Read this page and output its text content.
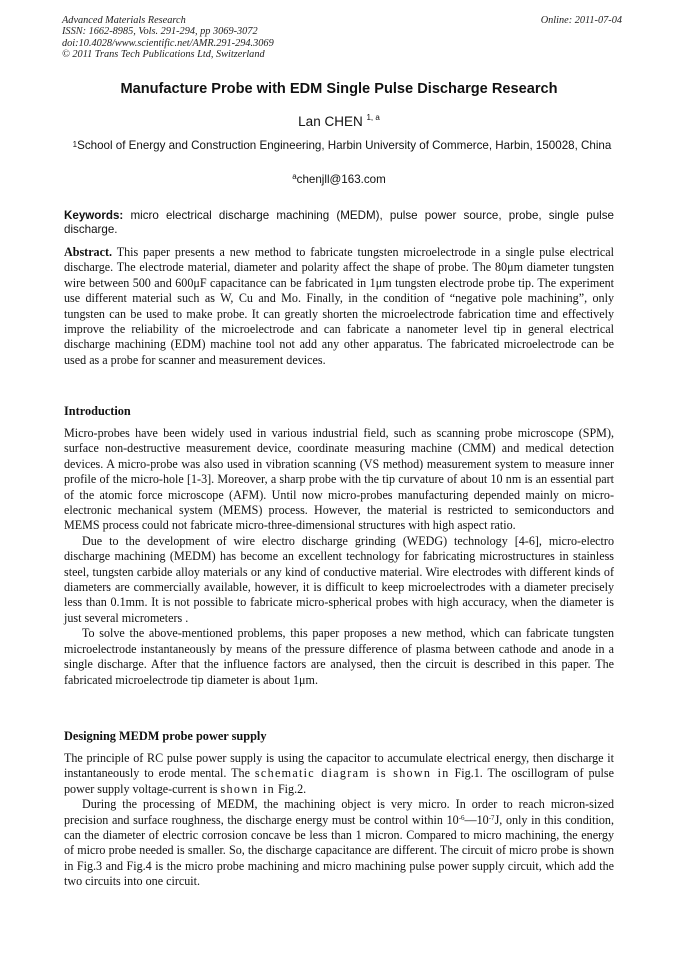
Advanced Materials Research
ISSN: 1662-8985, Vols. 291-294, pp 3069-3072
doi:10.4028/www.scientific.net/AMR.291-294.3069
© 2011 Trans Tech Publications Ltd, Switzerland
Online: 2011-07-04
Manufacture Probe with EDM Single Pulse Discharge Research
Lan CHEN $^{1, a}$
$^1$School of Energy and Construction Engineering, Harbin University of Commerce, Harbin, 150028, China
$^a$chenjll@163.com
Keywords: micro electrical discharge machining (MEDM), pulse power source, probe, single pulse discharge.

Abstract. This paper presents a new method to fabricate tungsten microelectrode in a single pulse electrical discharge. The electrode material, diameter and polarity affect the shape of probe. The 80μm diameter tungsten wire between 500 and 600μF capacitance can be fabricated in 1μm tungsten electrode probe tip. The experiment use different material such as W, Cu and Mo. Finally, in the condition of “negative pole machining”, only tungsten can be used to make probe. It can greatly shorten the microelectrode fabrication time and effectively improve the reliability of the microelectrode and can fabricate a nanometer level tip in general electrical discharge machining (EDM) machine tool not add any other apparatus. The fabricated microelectrode can be used as a probe for scanner and measurement devices.

Introduction

Micro-probes have been widely used in various industrial field, such as scanning probe microscope (SPM), surface non-destructive measurement device, coordinate measuring machine (CMM) and medical detection devices. A micro-probe was also used in vibration scanning (VS method) measurement system to measure inner profile of the micro-hole [1-3]. Moreover, a sharp probe with the tip curvature of about 10 nm is an essential part of the atomic force microscope (AFM). Until now micro-probes manufacturing depended mainly on micro-electronic mechanical system (MEMS) process. However, the material is restricted to semiconductors and MEMS process could not fabricate micro-three-dimensional structures with high aspect ratio.

Due to the development of wire electro discharge grinding (WEDG) technology [4-6], micro-electro discharge machining (MEDM) has become an excellent technology for fabricating microstructures in stainless steel, tungsten carbide alloy materials or any kind of conductive material. Wire electrodes with different kinds of diameters are commercially available, however, it is difficult to keep microelectrodes with a diameter precisely less than 0.1mm. It is not possible to fabricate micro-spherical probes with high accuracy, when the diameter is just several micrometers .

To solve the above-mentioned problems, this paper proposes a new method, which can fabricate tungsten microelectrode instantaneously by means of the pressure difference of plasma between cathode and anode in a single discharge. After that the influence factors are analysed, then the circuit is described in this paper. The fabricated microelectrode tip diameter is about 1μm.

Designing MEDM probe power supply

The principle of RC pulse power supply is using the capacitor to accumulate electrical energy, then discharge it instantaneously to erode mental. The schematic diagram is shown in Fig.1. The oscillogram of pulse power supply voltage-current is shown in Fig.2.

During the processing of MEDM, the machining object is very micro. In order to reach micron-sized precision and surface roughness, the discharge energy must be control within $10^{-6}—10^{-7}J$, only in this condition, can the diameter of electric corrosion concave be less than 1 micron. Compared to micro machining, the energy of micro probe needed is smaller. So, the discharge capacitance are different. The circuit of micro probe is shown in Fig.3 and Fig.4 is the micro probe machining and micro machining pulse power supply circuit, which add the two circuits into one circuit.
